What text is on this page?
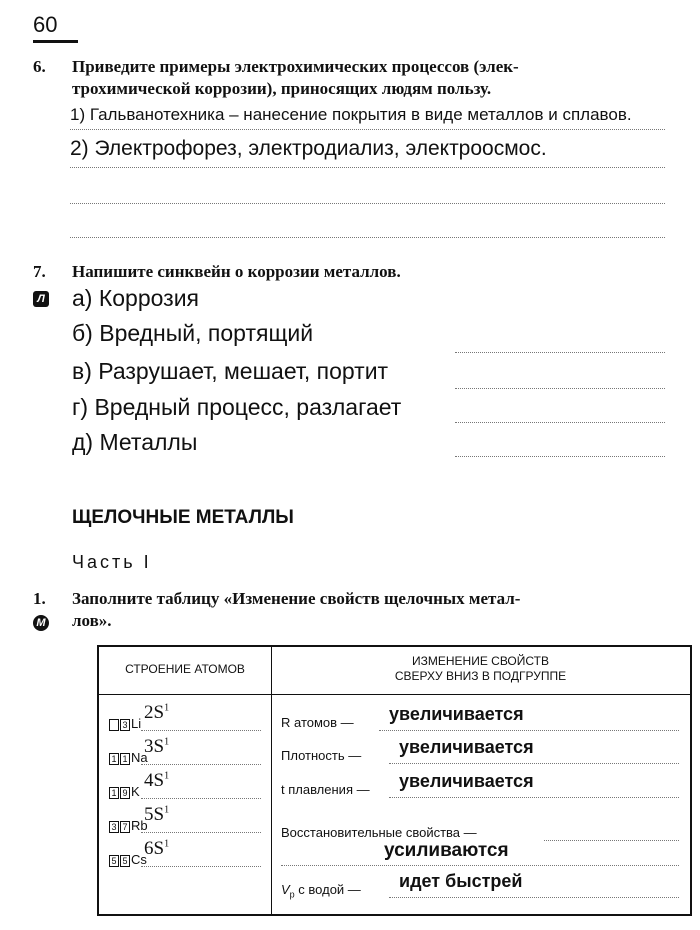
60
6. Приведите примеры электрохимических процессов (элек-
трохимической коррозии), приносящих людям пользу.
1) Гальванотехника – нанесение покрытия в виде металлов и сплавов.
2) Электрофорез, электродиализ, электроосмос.
7. Напишите синквейн о коррозии металлов.
Л а) Коррозия
б) Вредный, портящий
в) Разрушает, мешает, портит
г) Вредный процесс, разлагает
д) Металлы
ЩЕЛОЧНЫЕ МЕТАЛЛЫ
Часть I
1. Заполните таблицу «Изменение свойств щелочных метал-
лов».
М
СТРОЕНИЕ АТОМОВ
ИЗМЕНЕНИЕ СВОЙСТВ
СВЕРХУ ВНИЗ В ПОДГРУППЕ
3 Li
$2S^1$
1 1 Na
$3S^1$
1 9 K
$4S^1$
3 7 Rb
$5S^1$
5 5 Cs
$6S^1$
R атомов — увеличивается
Плотность — увеличивается
t плавления — увеличивается
Восстановительные свойства —
усиливаются
$V_p$ с водой — идет быстрей
